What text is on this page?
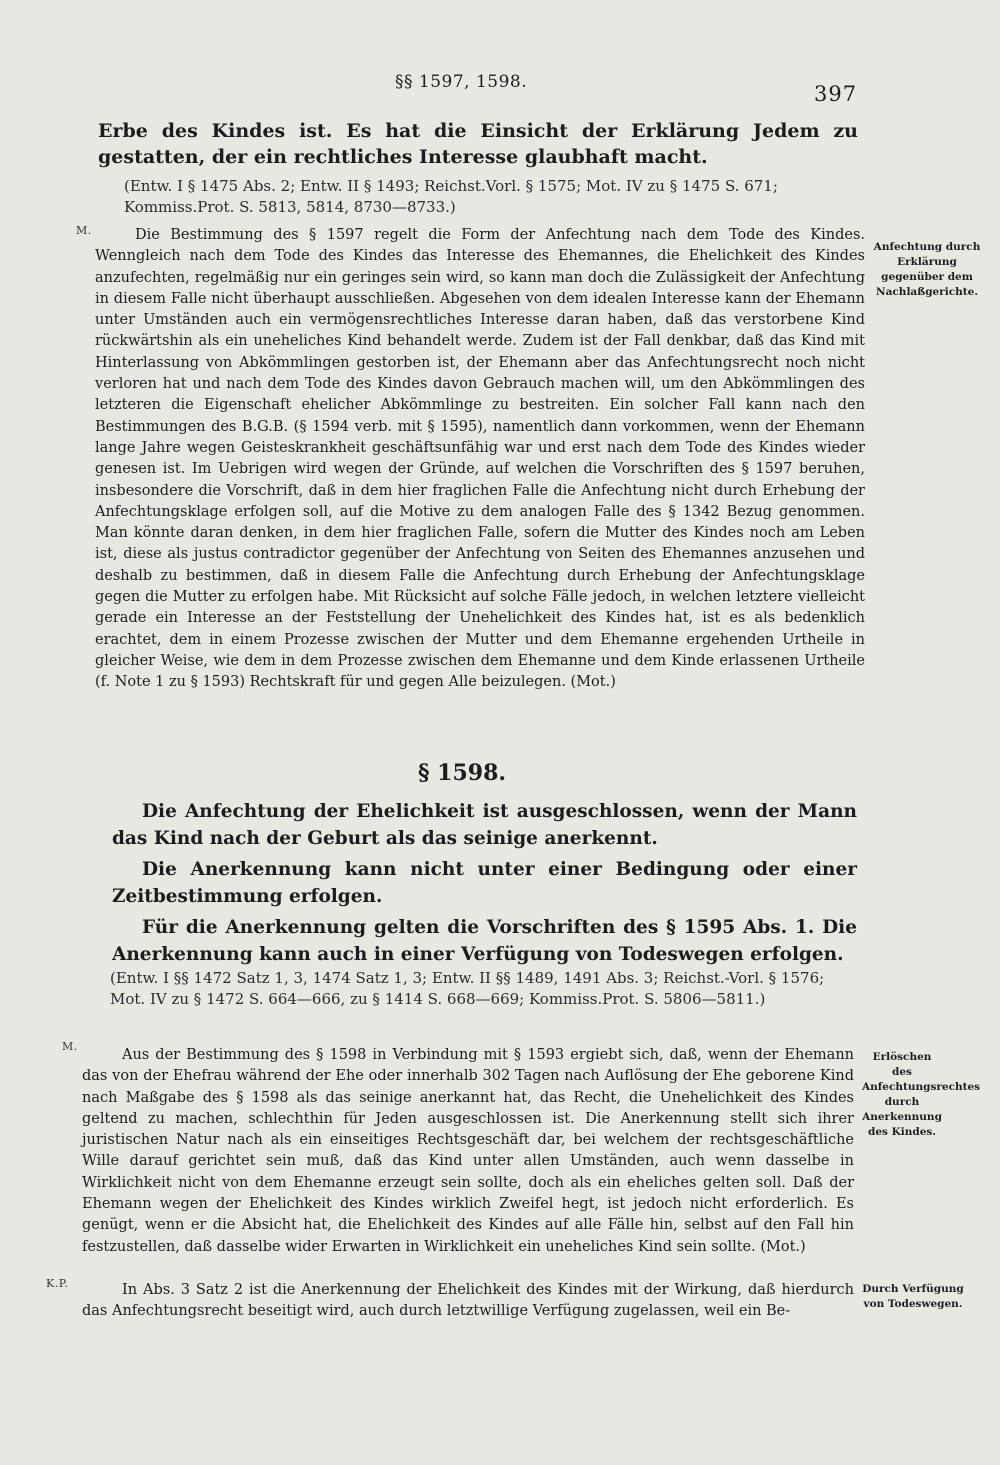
§§ 1597, 1598.	397
Erbe des Kindes ist. Es hat die Einsicht der Erklärung Jedem zu gestatten, der ein rechtliches Interesse glaubhaft macht.
(Entw. I § 1475 Abs. 2; Entw. II § 1493; Reichst.Vorl. § 1575; Mot. IV zu § 1475 S. 671; Kommiss.Prot. S. 5813, 5814, 8730—8733.)
M.	Die Bestimmung des § 1597 regelt die Form der Anfechtung nach dem Tode des Kindes. Wenngleich nach dem Tode des Kindes das Interesse des Ehemannes, die Ehelichkeit des Kindes anzufechten, regelmäßig nur ein geringes sein wird, so kann man doch die Zulässigkeit der Anfechtung in diesem Falle nicht überhaupt ausschließen. Abgesehen von dem idealen Interesse kann der Ehemann unter Umständen auch ein vermögensrechtliches Interesse daran haben, daß das verstorbene Kind rückwärtshin als ein uneheliches Kind behandelt werde. Zudem ist der Fall denkbar, daß das Kind mit Hinterlassung von Abkömmlingen gestorben ist, der Ehemann aber das Anfechtungsrecht noch nicht verloren hat und nach dem Tode des Kindes davon Gebrauch machen will, um den Abkömmlingen des letzteren die Eigenschaft ehelicher Abkömmlinge zu bestreiten. Ein solcher Fall kann nach den Bestimmungen des B.G.B. (§ 1594 verb. mit § 1595), namentlich dann vorkommen, wenn der Ehemann lange Jahre wegen Geisteskrankheit geschäftsunfähig war und erst nach dem Tode des Kindes wieder genesen ist. Im Uebrigen wird wegen der Gründe, auf welchen die Vorschriften des § 1597 beruhen, insbesondere die Vorschrift, daß in dem hier fraglichen Falle die Anfechtung nicht durch Erhebung der Anfechtungsklage erfolgen soll, auf die Motive zu dem analogen Falle des § 1342 Bezug genommen. Man könnte daran denken, in dem hier fraglichen Falle, sofern die Mutter des Kindes noch am Leben ist, diese als justus contradictor gegenüber der Anfechtung von Seiten des Ehemannes anzusehen und deshalb zu bestimmen, daß in diesem Falle die Anfechtung durch Erhebung der Anfechtungsklage gegen die Mutter zu erfolgen habe. Mit Rücksicht auf solche Fälle jedoch, in welchen letztere vielleicht gerade ein Interesse an der Feststellung der Unehelichkeit des Kindes hat, ist es als bedenklich erachtet, dem in einem Prozesse zwischen der Mutter und dem Ehemanne ergehenden Urtheile in gleicher Weise, wie dem in dem Prozesse zwischen dem Ehemanne und dem Kinde erlassenen Urtheile (f. Note 1 zu § 1593) Rechtskraft für und gegen Alle beizulegen. (Mot.)
Anfechtung durch Erklärung gegenüber dem Nachlaßgerichte.
§ 1598.

Die Anfechtung der Ehelichkeit ist ausgeschlossen, wenn der Mann das Kind nach der Geburt als das seinige anerkennt.

Die Anerkennung kann nicht unter einer Bedingung oder einer Zeitbestimmung erfolgen.

Für die Anerkennung gelten die Vorschriften des § 1595 Abs. 1. Die Anerkennung kann auch in einer Verfügung von Todeswegen erfolgen.

(Entw. I §§ 1472 Satz 1, 3, 1474 Satz 1, 3; Entw. II §§ 1489, 1491 Abs. 3; Reichst.-Vorl. § 1576; Mot. IV zu § 1472 S. 664—666, zu § 1414 S. 668—669; Kommiss.Prot. S. 5806—5811.)
M.
Aus der Bestimmung des § 1598 in Verbindung mit § 1593 ergiebt sich, daß, wenn der Ehemann das von der Ehefrau während der Ehe oder innerhalb 302 Tagen nach Auflösung der Ehe geborene Kind nach Maßgabe des § 1598 als das seinige anerkannt hat, das Recht, die Unehelichkeit des Kindes geltend zu machen, schlechthin für Jeden ausgeschlossen ist. Die Anerkennung stellt sich ihrer juristischen Natur nach als ein einseitiges Rechtsgeschäft dar, bei welchem der rechtsgeschäftliche Wille darauf gerichtet sein muß, daß das Kind unter allen Umständen, auch wenn dasselbe in Wirklichkeit nicht von dem Ehemanne erzeugt sein sollte, doch als ein eheliches gelten soll. Daß der Ehemann wegen der Ehelichkeit des Kindes wirklich Zweifel hegt, ist jedoch nicht erforderlich. Es genügt, wenn er die Absicht hat, die Ehelichkeit des Kindes auf alle Fälle hin, selbst auf den Fall hin festzustellen, daß dasselbe wider Erwarten in Wirklichkeit ein uneheliches Kind sein sollte. (Mot.)
Erlöschen des Anfechtungsrechtes durch Anerkennung des Kindes.
K.P.	In Abs. 3 Satz 2 ist die Anerkennung der Ehelichkeit des Kindes mit der Wirkung, daß hierdurch das Anfechtungsrecht beseitigt wird, auch durch letztwillige Verfügung zugelassen, weil ein Be-
Durch Verfügung von Todeswegen.
